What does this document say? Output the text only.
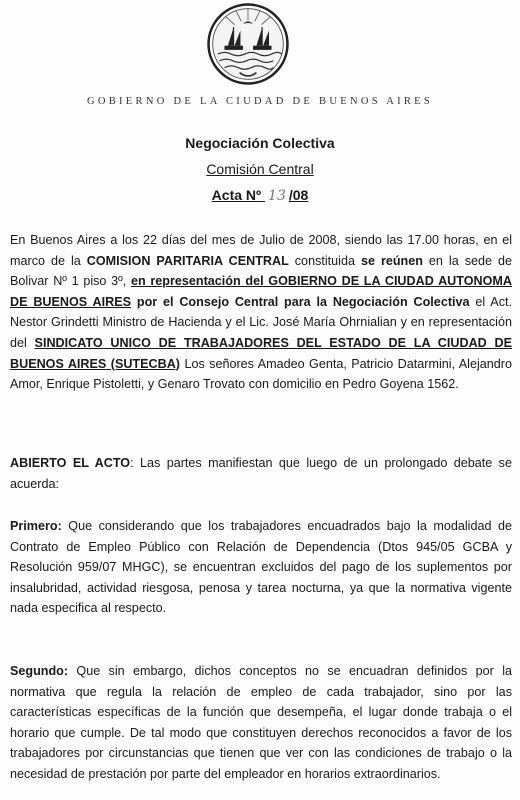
GOBIERNO DE LA CIUDAD DE BUENOS AIRES
Negociación Colectiva
Comisión Central
Acta Nº 13 /08

En Buenos Aires a los 22 días del mes de Julio de 2008, siendo las 17.00 horas, en el marco de la COMISION PARITARIA CENTRAL constituida se reúnen en la sede de Bolivar Nº 1 piso 3º, en representación del GOBIERNO DE LA CIUDAD AUTONOMA DE BUENOS AIRES por el Consejo Central para la Negociación Colectiva el Act. Nestor Grindetti Ministro de Hacienda y el Lic. José María Ohrnialian y en representación del SINDICATO UNICO DE TRABAJADORES DEL ESTADO DE LA CIUDAD DE BUENOS AIRES (SUTECBA) Los señores Amadeo Genta, Patricio Datarmini, Alejandro Amor, Enrique Pistoletti, y Genaro Trovato con domicilio en Pedro Goyena 1562.

ABIERTO EL ACTO: Las partes manifiestan que luego de un prolongado debate se acuerda:

Primero: Que considerando que los trabajadores encuadrados bajo la modalidad de Contrato de Empleo Público con Relación de Dependencia (Dtos 945/05 GCBA y Resolución 959/07 MHGC), se encuentran excluidos del pago de los suplementos por insalubridad, actividad riesgosa, penosa y tarea nocturna, ya que la normativa vigente nada especifica al respecto.

Segundo: Que sin embargo, dichos conceptos no se encuadran definidos por la normativa que regula la relación de empleo de cada trabajador, sino por las características específicas de la función que desempeña, el lugar donde trabaja o el horario que cumple. De tal modo que constituyen derechos reconocidos a favor de los trabajadores por circunstancias que tienen que ver con las condiciones de trabajo o la necesidad de prestación por parte del empleador en horarios extraordinarios.
